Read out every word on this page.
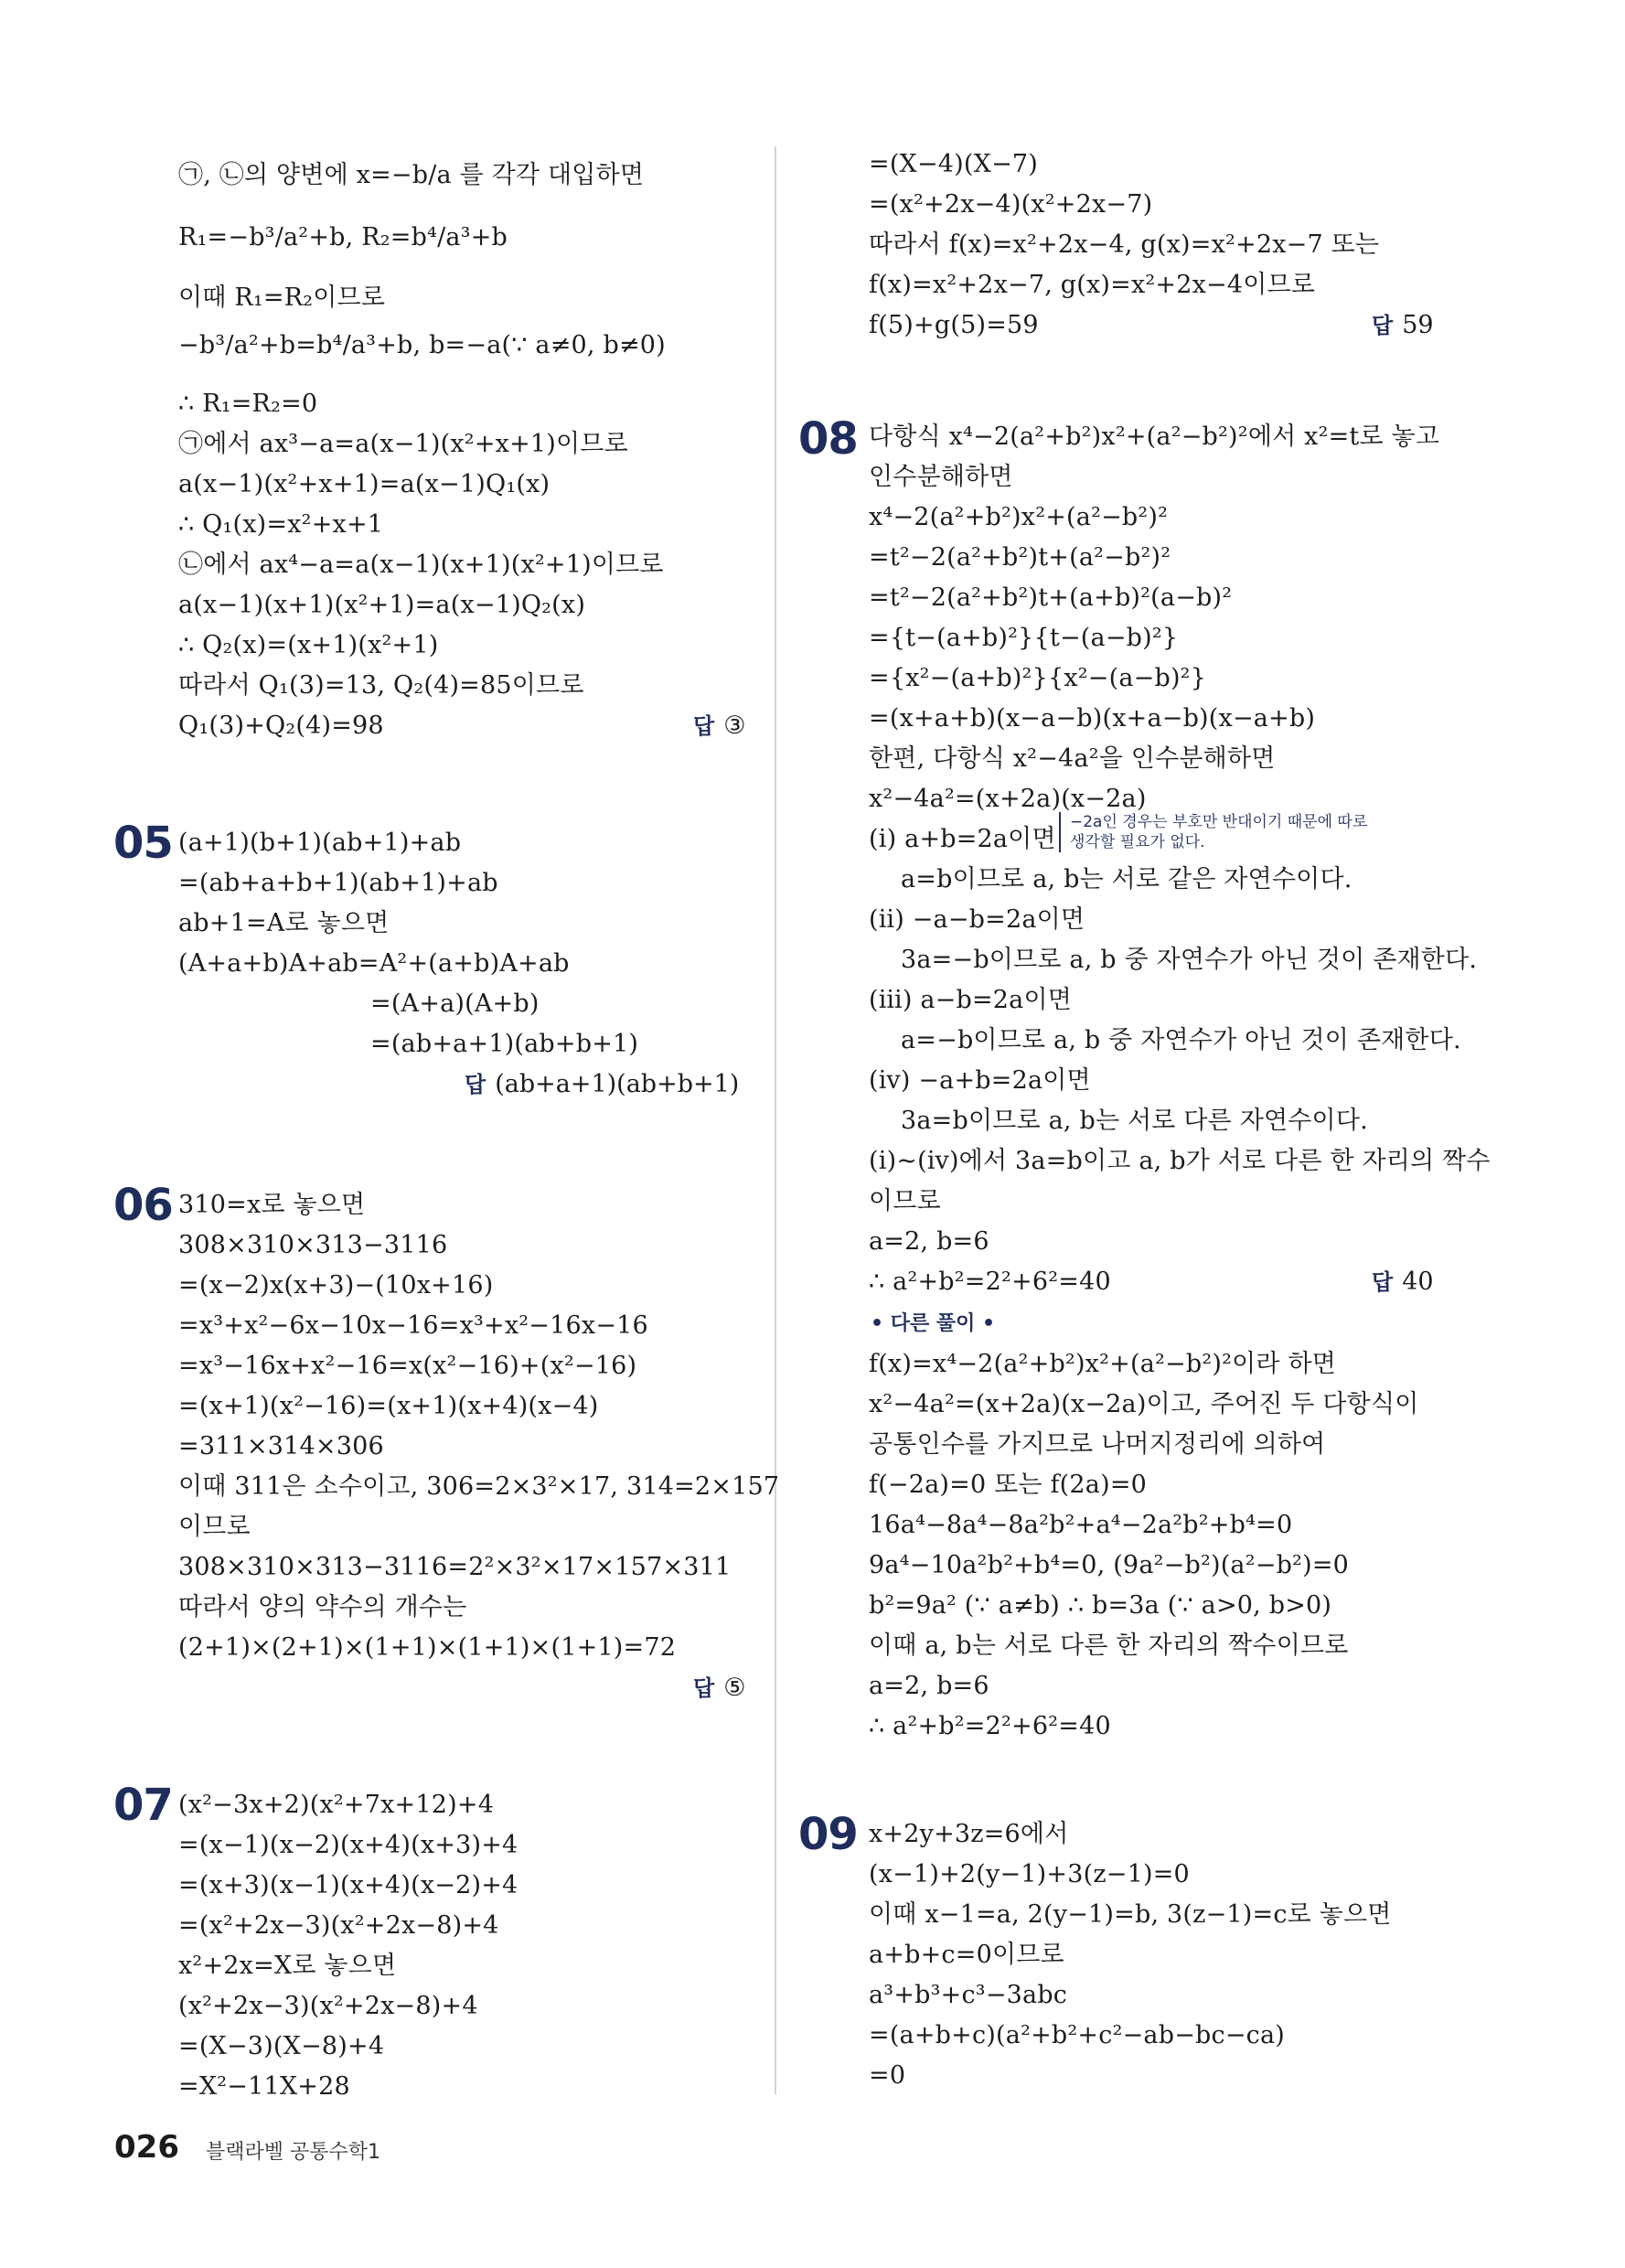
㉠, ㉡의 양변에 x=−b/a 를 각각 대입하면
R₁=−b³/a²+b, R₂=b⁴/a³+b
이때 R₁=R₂이므로
−b³/a²+b=b⁴/a³+b, b=−a(∵ a≠0, b≠0)
∴ R₁=R₂=0
㉠에서 ax³−a=a(x−1)(x²+x+1)이므로
a(x−1)(x²+x+1)=a(x−1)Q₁(x)
∴ Q₁(x)=x²+x+1
㉡에서 ax⁴−a=a(x−1)(x+1)(x²+1)이므로
a(x−1)(x+1)(x²+1)=a(x−1)Q₂(x)
∴ Q₂(x)=(x+1)(x²+1)
따라서 Q₁(3)=13, Q₂(4)=85이므로
Q₁(3)+Q₂(4)=98	답 ③
05 (a+1)(b+1)(ab+1)+ab
=(ab+a+b+1)(ab+1)+ab
ab+1=A로 놓으면
(A+a+b)A+ab=A²+(a+b)A+ab
=(A+a)(A+b)
=(ab+a+1)(ab+b+1)
답 (ab+a+1)(ab+b+1)
06 310=x로 놓으면
308×310×313−3116
=(x−2)x(x+3)−(10x+16)
=x³+x²−6x−10x−16=x³+x²−16x−16
=x³−16x+x²−16=x(x²−16)+(x²−16)
=(x+1)(x²−16)=(x+1)(x+4)(x−4)
=311×314×306
이때 311은 소수이고, 306=2×3²×17, 314=2×157
이므로
308×310×313−3116=2²×3²×17×157×311
따라서 양의 약수의 개수는
(2+1)×(2+1)×(1+1)×(1+1)×(1+1)=72
답 ⑤
07 (x²−3x+2)(x²+7x+12)+4
=(x−1)(x−2)(x+4)(x+3)+4
=(x+3)(x−1)(x+4)(x−2)+4
=(x²+2x−3)(x²+2x−8)+4
x²+2x=X로 놓으면
(x²+2x−3)(x²+2x−8)+4
=(X−3)(X−8)+4
=X²−11X+28
=(X−4)(X−7)
=(x²+2x−4)(x²+2x−7)
따라서 f(x)=x²+2x−4, g(x)=x²+2x−7 또는
f(x)=x²+2x−7, g(x)=x²+2x−4이므로
f(5)+g(5)=59	답 59
08 다항식 x⁴−2(a²+b²)x²+(a²−b²)²에서 x²=t로 놓고
인수분해하면
x⁴−2(a²+b²)x²+(a²−b²)²
=t²−2(a²+b²)t+(a²−b²)²
=t²−2(a²+b²)t+(a+b)²(a−b)²
={t−(a+b)²}{t−(a−b)²}
={x²−(a+b)²}{x²−(a−b)²}
=(x+a+b)(x−a−b)(x+a−b)(x−a+b)
한편, 다항식 x²−4a²을 인수분해하면
x²−4a²=(x+2a)(x−2a)
(ⅰ) a+b=2a이면
−2a인 경우는 부호만 반대이기 때문에 따로
생각할 필요가 없다.
a=b이므로 a, b는 서로 같은 자연수이다.
(ⅱ) −a−b=2a이면
3a=−b이므로 a, b 중 자연수가 아닌 것이 존재한다.
(ⅲ) a−b=2a이면
a=−b이므로 a, b 중 자연수가 아닌 것이 존재한다.
(ⅳ) −a+b=2a이면
3a=b이므로 a, b는 서로 다른 자연수이다.
(ⅰ)~(ⅳ)에서 3a=b이고 a, b가 서로 다른 한 자리의 짝수
이므로
a=2, b=6
∴ a²+b²=2²+6²=40	답 40
• 다른 풀이 •
f(x)=x⁴−2(a²+b²)x²+(a²−b²)²이라 하면
x²−4a²=(x+2a)(x−2a)이고, 주어진 두 다항식이
공통인수를 가지므로 나머지정리에 의하여
f(−2a)=0 또는 f(2a)=0
16a⁴−8a⁴−8a²b²+a⁴−2a²b²+b⁴=0
9a⁴−10a²b²+b⁴=0, (9a²−b²)(a²−b²)=0
b²=9a² (∵ a≠b) ∴ b=3a (∵ a>0, b>0)
이때 a, b는 서로 다른 한 자리의 짝수이므로
a=2, b=6
∴ a²+b²=2²+6²=40
09 x+2y+3z=6에서
(x−1)+2(y−1)+3(z−1)=0
이때 x−1=a, 2(y−1)=b, 3(z−1)=c로 놓으면
a+b+c=0이므로
a³+b³+c³−3abc
=(a+b+c)(a²+b²+c²−ab−bc−ca)
=0
026 블랙라벨 공통수학1
